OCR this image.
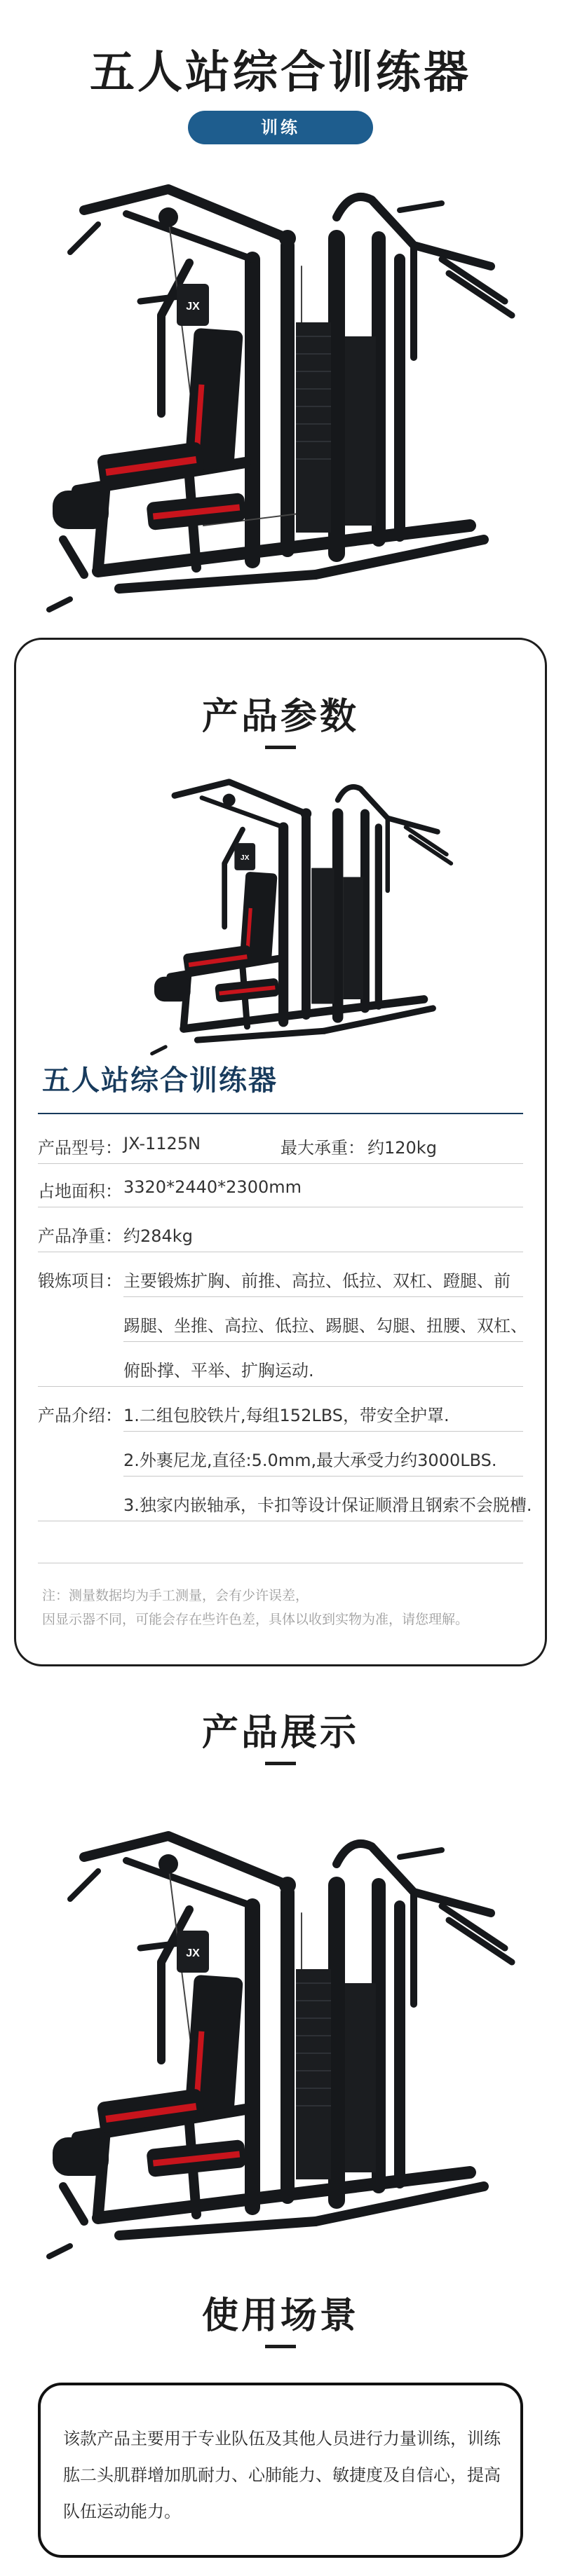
五人站综合训练器
训练
JX
产品参数
JX
五人站综合训练器
产品型号： JX-1125N	最大承重： 约120kg
占地面积： 3320*2440*2300mm
产品净重： 约284kg
锻炼项目： 主要锻炼扩胸、前推、高拉、低拉、双杠、蹬腿、前
踢腿、坐推、高拉、低拉、踢腿、勾腿、扭腰、双杠、
俯卧撑、平举、扩胸运动.
产品介绍： 1.二组包胶铁片,每组152LBS，带安全护罩.
2.外裹尼龙,直径:5.0mm,最大承受力约3000LBS.
3.独家内嵌轴承，卡扣等设计保证顺滑且钢索不会脱槽.
注：测量数据均为手工测量，会有少许误差，
因显示器不同，可能会存在些许色差，具体以收到实物为准，请您理解。
产品展示
JX
使用场景

该款产品主要用于专业队伍及其他人员进行力量训练，训练肱二头肌群增加肌耐力、心肺能力、敏捷度及自信心，提高队伍运动能力。
